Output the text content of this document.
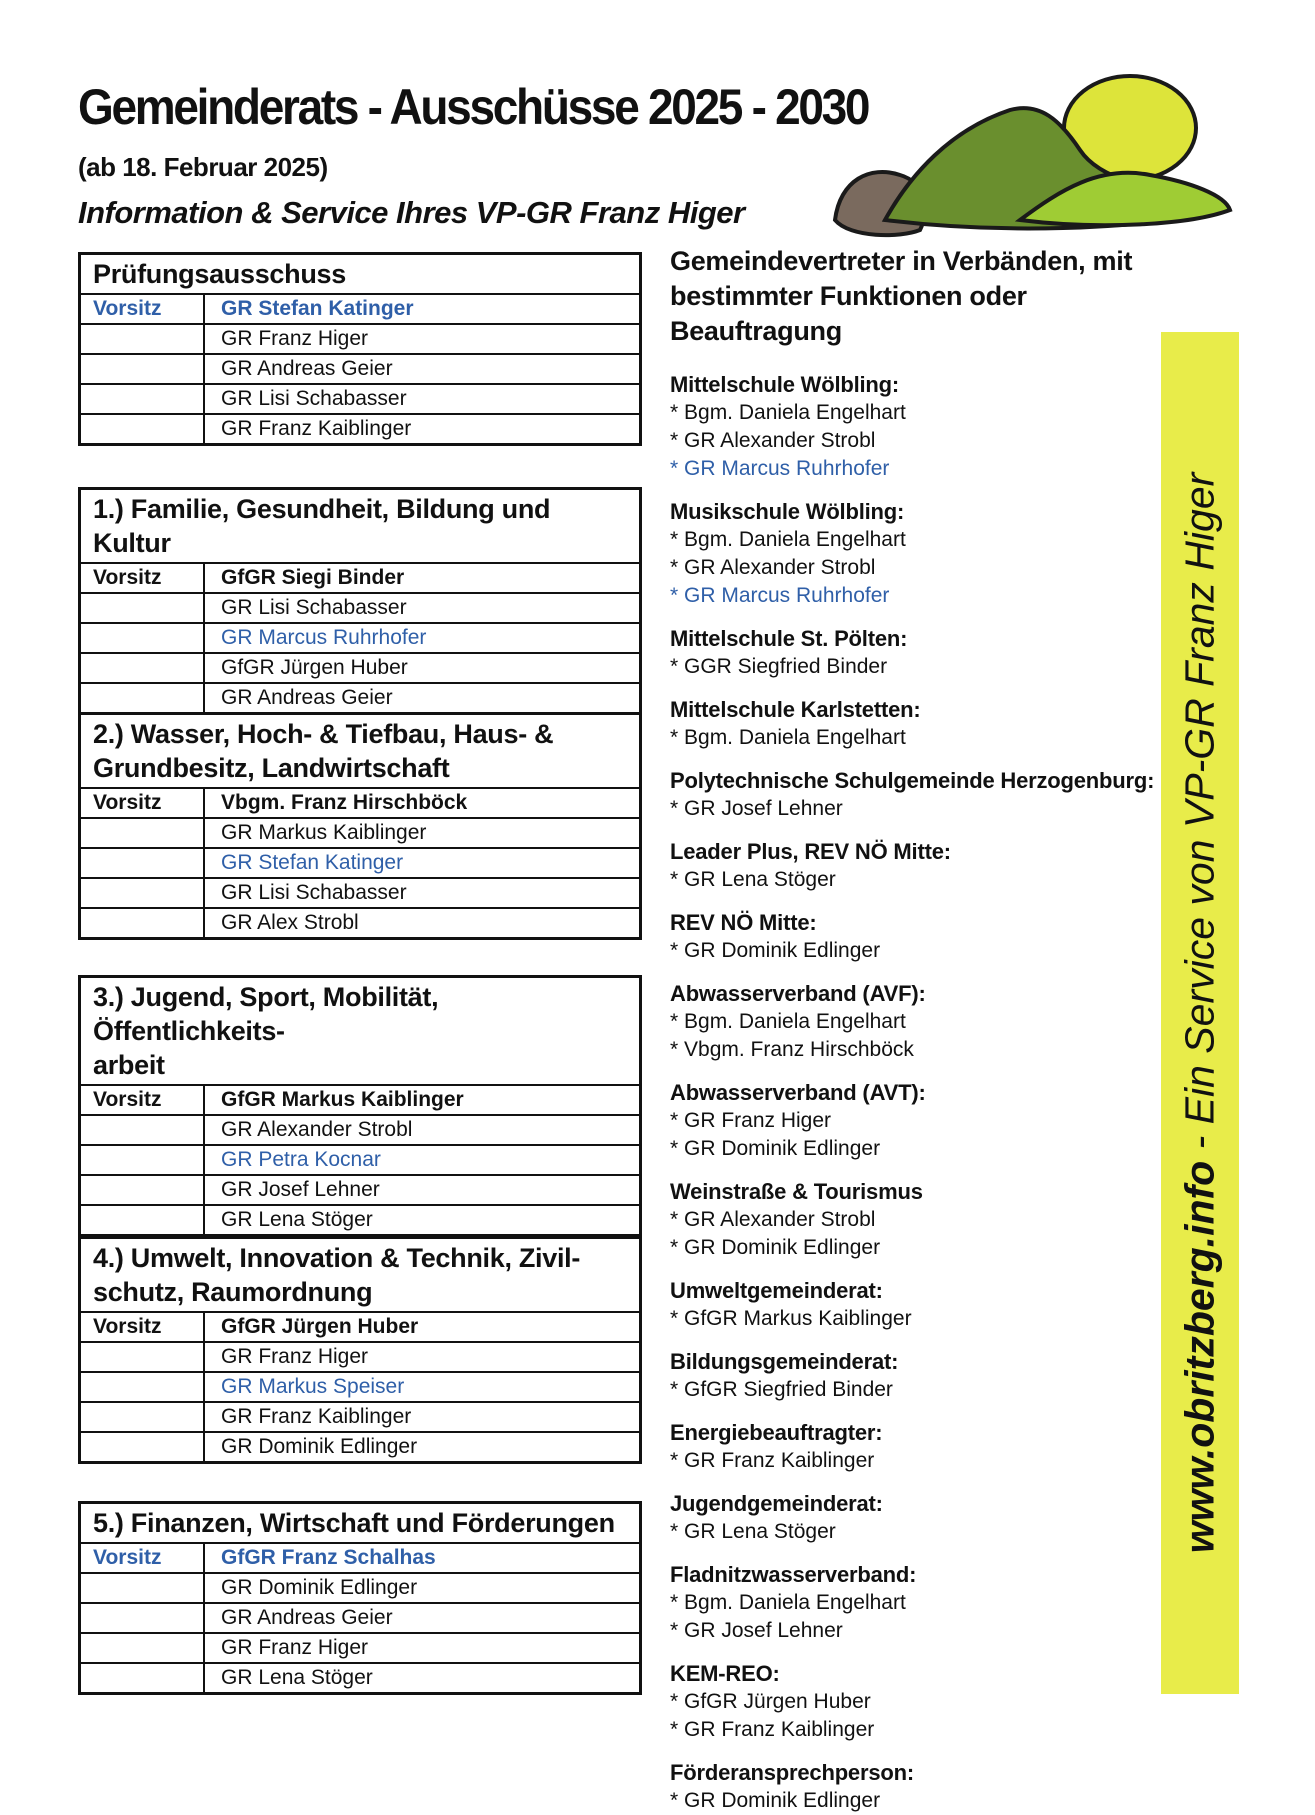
Gemeinderats - Ausschüsse 2025 - 2030
(ab 18. Februar 2025)
Information & Service Ihres VP-GR Franz Higer
Prüfungsausschuss
Vorsitz	GR Stefan Katinger
GR Franz Higer
GR Andreas Geier
GR Lisi Schabasser
GR Franz Kaiblinger
1.) Familie, Gesundheit, Bildung und Kultur
Vorsitz	GfGR Siegi Binder
GR Lisi Schabasser
GR Marcus Ruhrhofer
GfGR Jürgen Huber
GR Andreas Geier
2.) Wasser, Hoch- & Tiefbau, Haus- &
Grundbesitz, Landwirtschaft
Vorsitz	Vbgm. Franz Hirschböck
GR Markus Kaiblinger
GR Stefan Katinger
GR Lisi Schabasser
GR Alex Strobl
3.) Jugend, Sport, Mobilität, Öffentlichkeits-
arbeit
Vorsitz	GfGR Markus Kaiblinger
GR Alexander Strobl
GR Petra Kocnar
GR Josef Lehner
GR Lena Stöger
4.) Umwelt, Innovation & Technik, Zivil-
schutz, Raumordnung
Vorsitz	GfGR Jürgen Huber
GR Franz Higer
GR Markus Speiser
GR Franz Kaiblinger
GR Dominik Edlinger
5.) Finanzen, Wirtschaft und Förderungen
Vorsitz	GfGR Franz Schalhas
GR Dominik Edlinger
GR Andreas Geier
GR Franz Higer
GR Lena Stöger
Gemeindevertreter in Verbänden, mit
bestimmter Funktionen oder Beauftragung
Mittelschule Wölbling:
* Bgm. Daniela Engelhart
* GR Alexander Strobl
* GR Marcus Ruhrhofer
Musikschule Wölbling:
* Bgm. Daniela Engelhart
* GR Alexander Strobl
* GR Marcus Ruhrhofer
Mittelschule St. Pölten:
* GGR Siegfried Binder
Mittelschule Karlstetten:
* Bgm. Daniela Engelhart
Polytechnische Schulgemeinde Herzogenburg:
* GR Josef Lehner
Leader Plus, REV NÖ Mitte:
* GR Lena Stöger
REV NÖ Mitte:
* GR Dominik Edlinger
Abwasserverband (AVF):
* Bgm. Daniela Engelhart
* Vbgm. Franz Hirschböck
Abwasserverband (AVT):
* GR Franz Higer
* GR Dominik Edlinger
Weinstraße & Tourismus
* GR Alexander Strobl
* GR Dominik Edlinger
Umweltgemeinderat:
* GfGR Markus Kaiblinger
Bildungsgemeinderat:
* GfGR Siegfried Binder
Energiebeauftragter:
* GR Franz Kaiblinger
Jugendgemeinderat:
* GR Lena Stöger
Fladnitzwasserverband:
* Bgm. Daniela Engelhart
* GR Josef Lehner
KEM-REO:
* GfGR Jürgen Huber
* GR Franz Kaiblinger
Förderansprechperson:
* GR Dominik Edlinger
www.obritzberg.info - Ein Service von VP-GR Franz Higer
